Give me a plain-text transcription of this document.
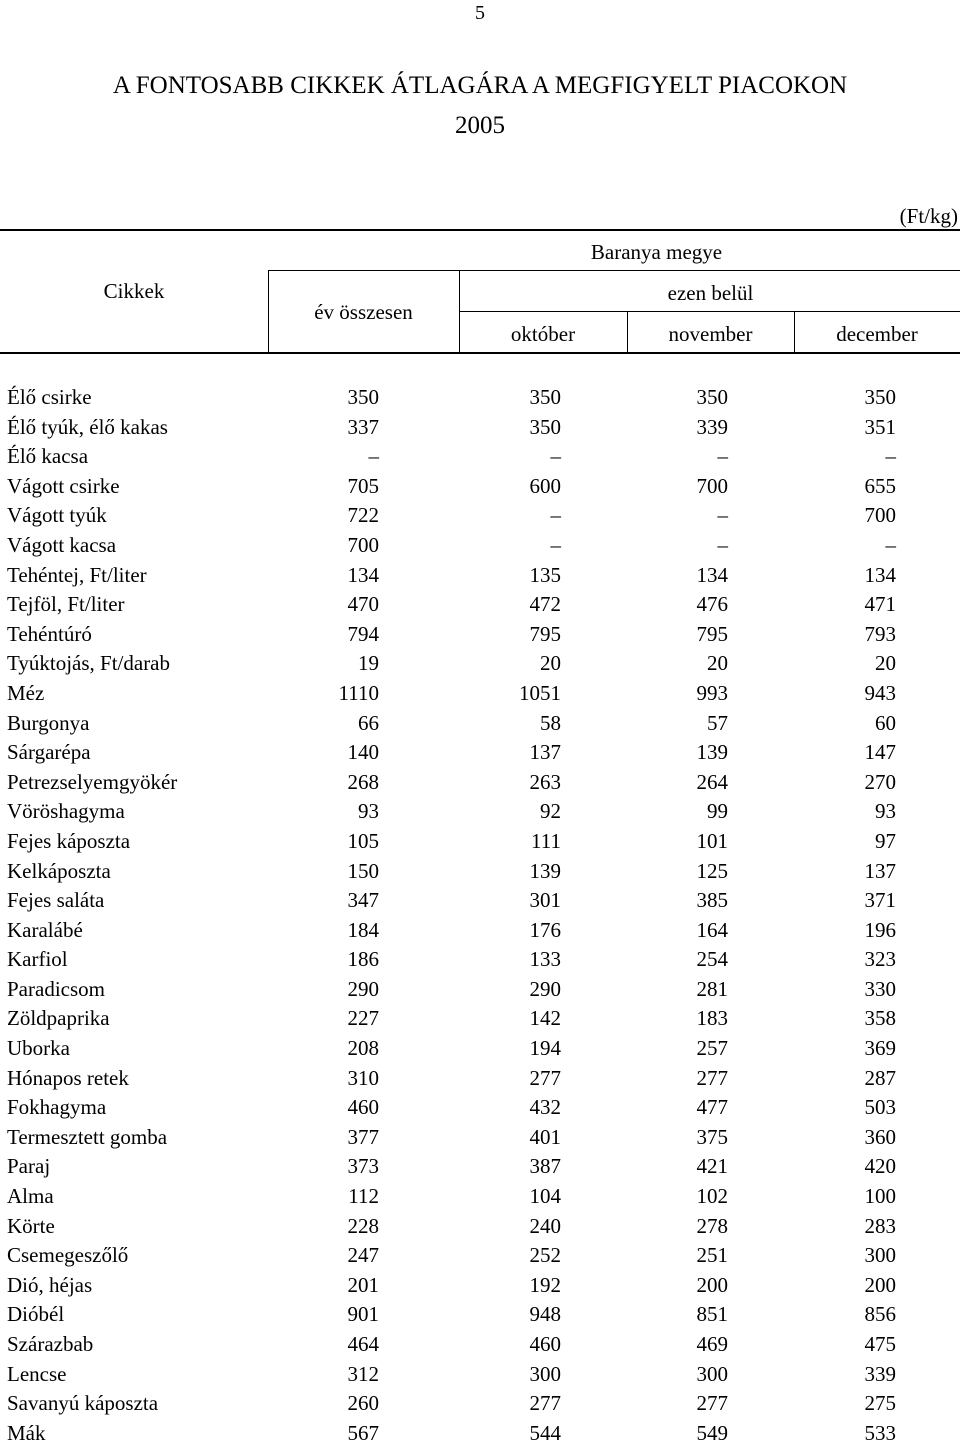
5
A FONTOSABB CIKKEK ÁTLAGÁRA A MEGFIGYELT PIACOKON
2005
(Ft/kg)
Cikkek
Baranya megye
év összesen
ezen belül
október	november	december
Élő csirke	350	350	350	350
Élő tyúk, élő kakas	337	350	339	351
Élő kacsa	–	–	–	–
Vágott csirke	705	600	700	655
Vágott tyúk	722	–	–	700
Vágott kacsa	700	–	–	–
Tehéntej, Ft/liter	134	135	134	134
Tejföl, Ft/liter	470	472	476	471
Tehéntúró	794	795	795	793
Tyúktojás, Ft/darab	19	20	20	20
Méz	1110	1051	993	943
Burgonya	66	58	57	60
Sárgarépa	140	137	139	147
Petrezselyemgyökér	268	263	264	270
Vöröshagyma	93	92	99	93
Fejes káposzta	105	111	101	97
Kelkáposzta	150	139	125	137
Fejes saláta	347	301	385	371
Karalábé	184	176	164	196
Karfiol	186	133	254	323
Paradicsom	290	290	281	330
Zöldpaprika	227	142	183	358
Uborka	208	194	257	369
Hónapos retek	310	277	277	287
Fokhagyma	460	432	477	503
Termesztett gomba	377	401	375	360
Paraj	373	387	421	420
Alma	112	104	102	100
Körte	228	240	278	283
Csemegeszőlő	247	252	251	300
Dió, héjas	201	192	200	200
Dióbél	901	948	851	856
Szárazbab	464	460	469	475
Lencse	312	300	300	339
Savanyú káposzta	260	277	277	275
Mák	567	544	549	533
